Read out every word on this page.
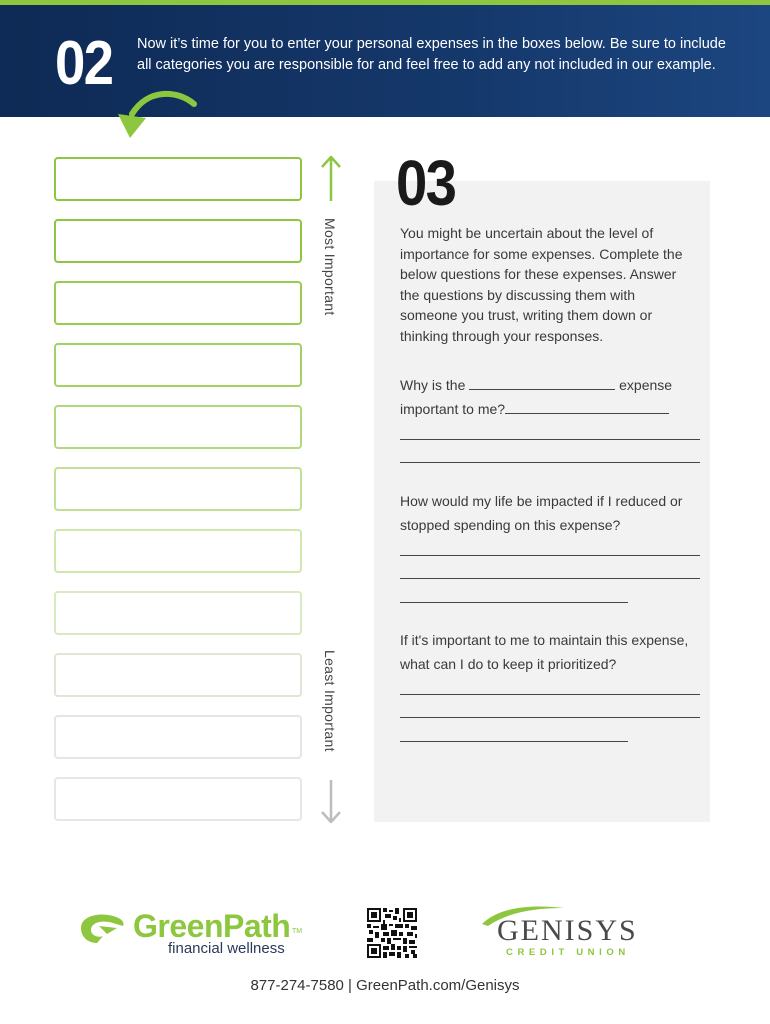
02 Now it’s time for you to enter your personal expenses in the boxes below. Be sure to include all categories you are responsible for and feel free to add any not included in our example.
Most Important
Least Important
03
You might be uncertain about the level of importance for some expenses. Complete the below questions for these expenses. Answer the questions by discussing them with someone you trust, writing them down or thinking through your responses.
Why is the	expense
important to me?
How would my life be impacted if I reduced or stopped spending on this expense?
If it's important to me to maintain this expense, what can I do to keep it prioritized?
GreenPath TM
financial wellness
GENISYS
CREDIT UNION
877-274-7580 | GreenPath.com/Genisys
